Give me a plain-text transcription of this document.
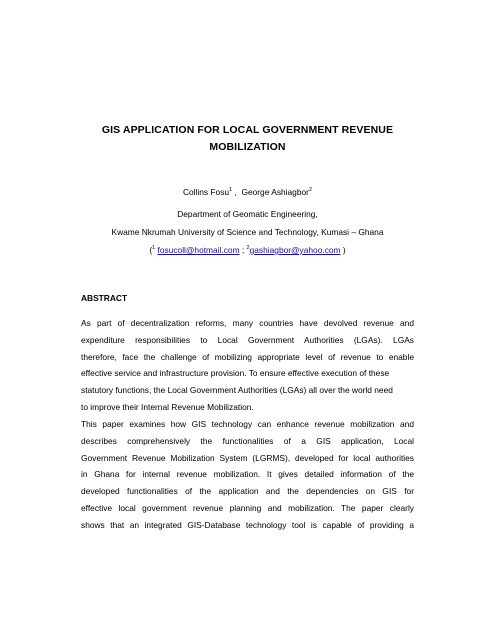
GIS APPLICATION FOR LOCAL GOVERNMENT REVENUE
MOBILIZATION
Collins Fosu$^1$ ,  George Ashiagbor$^2$
Department of Geomatic Engineering,
Kwame Nkrumah University of Science and Technology, Kumasi – Ghana
($^1$ fosucoll@hotmail.com ; $^2$gashiagbor@yahoo.com )
ABSTRACT
As part of decentralization reforms, many countries have devolved revenue and
expenditure responsibilities to Local Government Authorities (LGAs). LGAs
therefore, face the challenge of mobilizing appropriate level of revenue to enable
effective service and infrastructure provision. To ensure effective execution of these
statutory functions, the Local Government Authorities (LGAs) all over the world need
to improve their Internal Revenue Mobilization.
This paper examines how GIS technology can enhance revenue mobilization and
describes comprehensively the functionalities of a GIS application, Local
Government Revenue Mobilization System (LGRMS), developed for local authorities
in Ghana for internal revenue mobilization. It gives detailed information of the
developed functionalities of the application and the dependencies on GIS for
effective local government revenue planning and mobilization. The paper clearly
shows that an integrated GIS-Database technology tool is capable of providing a
